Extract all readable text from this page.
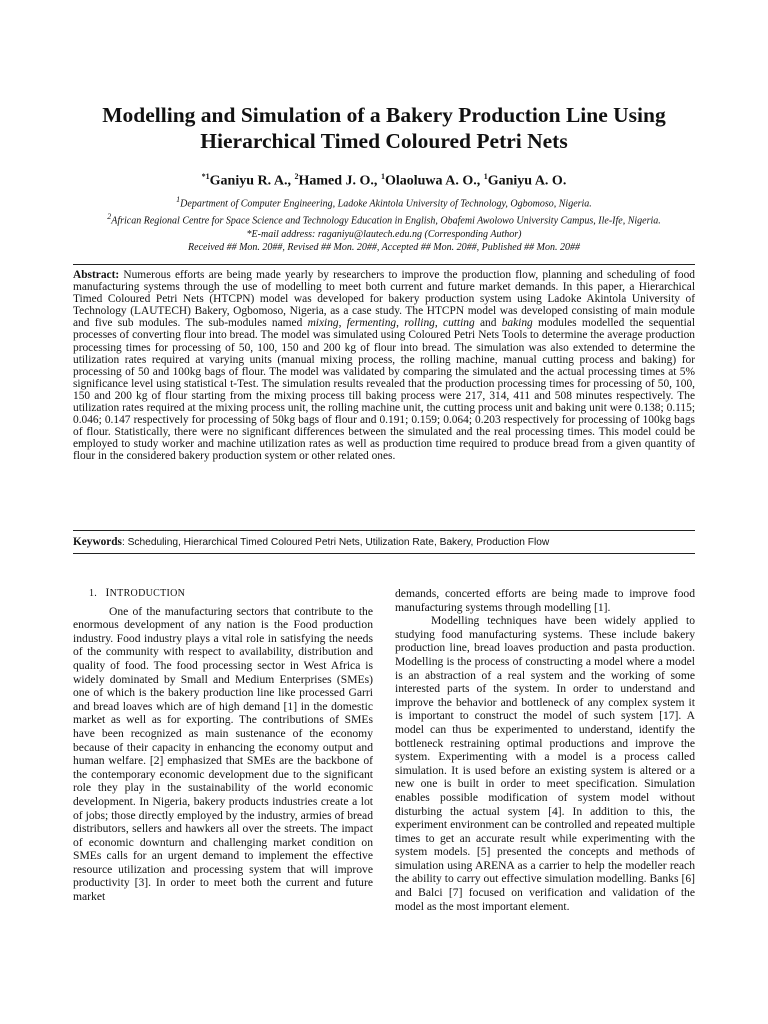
Modelling and Simulation of a Bakery Production Line Using
Hierarchical Timed Coloured Petri Nets
$^{*1}$Ganiyu R. A., $^2$Hamed J. O., $^1$Olaoluwa A. O., $^1$Ganiyu A. O.
$^1$Department of Computer Engineering, Ladoke Akintola University of Technology, Ogbomoso, Nigeria.
$^2$African Regional Centre for Space Science and Technology Education in English, Obafemi Awolowo University Campus, Ile-Ife, Nigeria.
*E-mail address: raganiyu@lautech.edu.ng (Corresponding Author)
Received ## Mon. 20##, Revised ## Mon. 20##, Accepted ## Mon. 20##, Published ## Mon. 20##
Abstract: Numerous efforts are being made yearly by researchers to improve the production flow, planning and scheduling of food manufacturing systems through the use of modelling to meet both current and future market demands. In this paper, a Hierarchical Timed Coloured Petri Nets (HTCPN) model was developed for bakery production system using Ladoke Akintola University of Technology (LAUTECH) Bakery, Ogbomoso, Nigeria, as a case study. The HTCPN model was developed consisting of main module and five sub modules. The sub-modules named mixing, fermenting, rolling, cutting and baking modules modelled the sequential processes of converting flour into bread. The model was simulated using Coloured Petri Nets Tools to determine the average production processing times for processing of 50, 100, 150 and 200 kg of flour into bread. The simulation was also extended to determine the utilization rates required at varying units (manual mixing process, the rolling machine, manual cutting process and baking) for processing of 50 and 100kg bags of flour. The model was validated by comparing the simulated and the actual processing times at 5% significance level using statistical t-Test. The simulation results revealed that the production processing times for processing of 50, 100, 150 and 200 kg of flour starting from the mixing process till baking process were 217, 314, 411 and 508 minutes respectively. The utilization rates required at the mixing process unit, the rolling machine unit, the cutting process unit and baking unit were 0.138; 0.115; 0.046; 0.147 respectively for processing of 50kg bags of flour and 0.191; 0.159; 0.064; 0.203 respectively for processing of 100kg bags of flour. Statistically, there were no significant differences between the simulated and the real processing times. This model could be employed to study worker and machine utilization rates as well as production time required to produce bread from a given quantity of flour in the considered bakery production system or other related ones.
Keywords: Scheduling, Hierarchical Timed Coloured Petri Nets, Utilization Rate, Bakery, Production Flow
1. INTRODUCTION

One of the manufacturing sectors that contribute to the enormous development of any nation is the Food production industry. Food industry plays a vital role in satisfying the needs of the community with respect to availability, distribution and quality of food. The food processing sector in West Africa is widely dominated by Small and Medium Enterprises (SMEs) one of which is the bakery production line like processed Garri and bread loaves which are of high demand [1] in the domestic market as well as for exporting. The contributions of SMEs have been recognized as main sustenance of the economy because of their capacity in enhancing the economy output and human welfare. [2] emphasized that SMEs are the backbone of the contemporary economic development due to the significant role they play in the sustainability of the world economic development. In Nigeria, bakery products industries create a lot of jobs; those directly employed by the industry, armies of bread distributors, sellers and hawkers all over the streets. The impact of economic downturn and challenging market condition on SMEs calls for an urgent demand to implement the effective resource utilization and processing system that will improve productivity [3]. In order to meet both the current and future market

demands, concerted efforts are being made to improve food manufacturing systems through modelling [1].

Modelling techniques have been widely applied to studying food manufacturing systems. These include bakery production line, bread loaves production and pasta production. Modelling is the process of constructing a model where a model is an abstraction of a real system and the working of some interested parts of the system. In order to understand and improve the behavior and bottleneck of any complex system it is important to construct the model of such system [17]. A model can thus be experimented to understand, identify the bottleneck restraining optimal productions and improve the system. Experimenting with a model is a process called simulation. It is used before an existing system is altered or a new one is built in order to meet specification. Simulation enables possible modification of system model without disturbing the actual system [4]. In addition to this, the experiment environment can be controlled and repeated multiple times to get an accurate result while experimenting with the system models. [5] presented the concepts and methods of simulation using ARENA as a carrier to help the modeller reach the ability to carry out effective simulation modelling. Banks [6] and Balci [7] focused on verification and validation of the model as the most important element.
